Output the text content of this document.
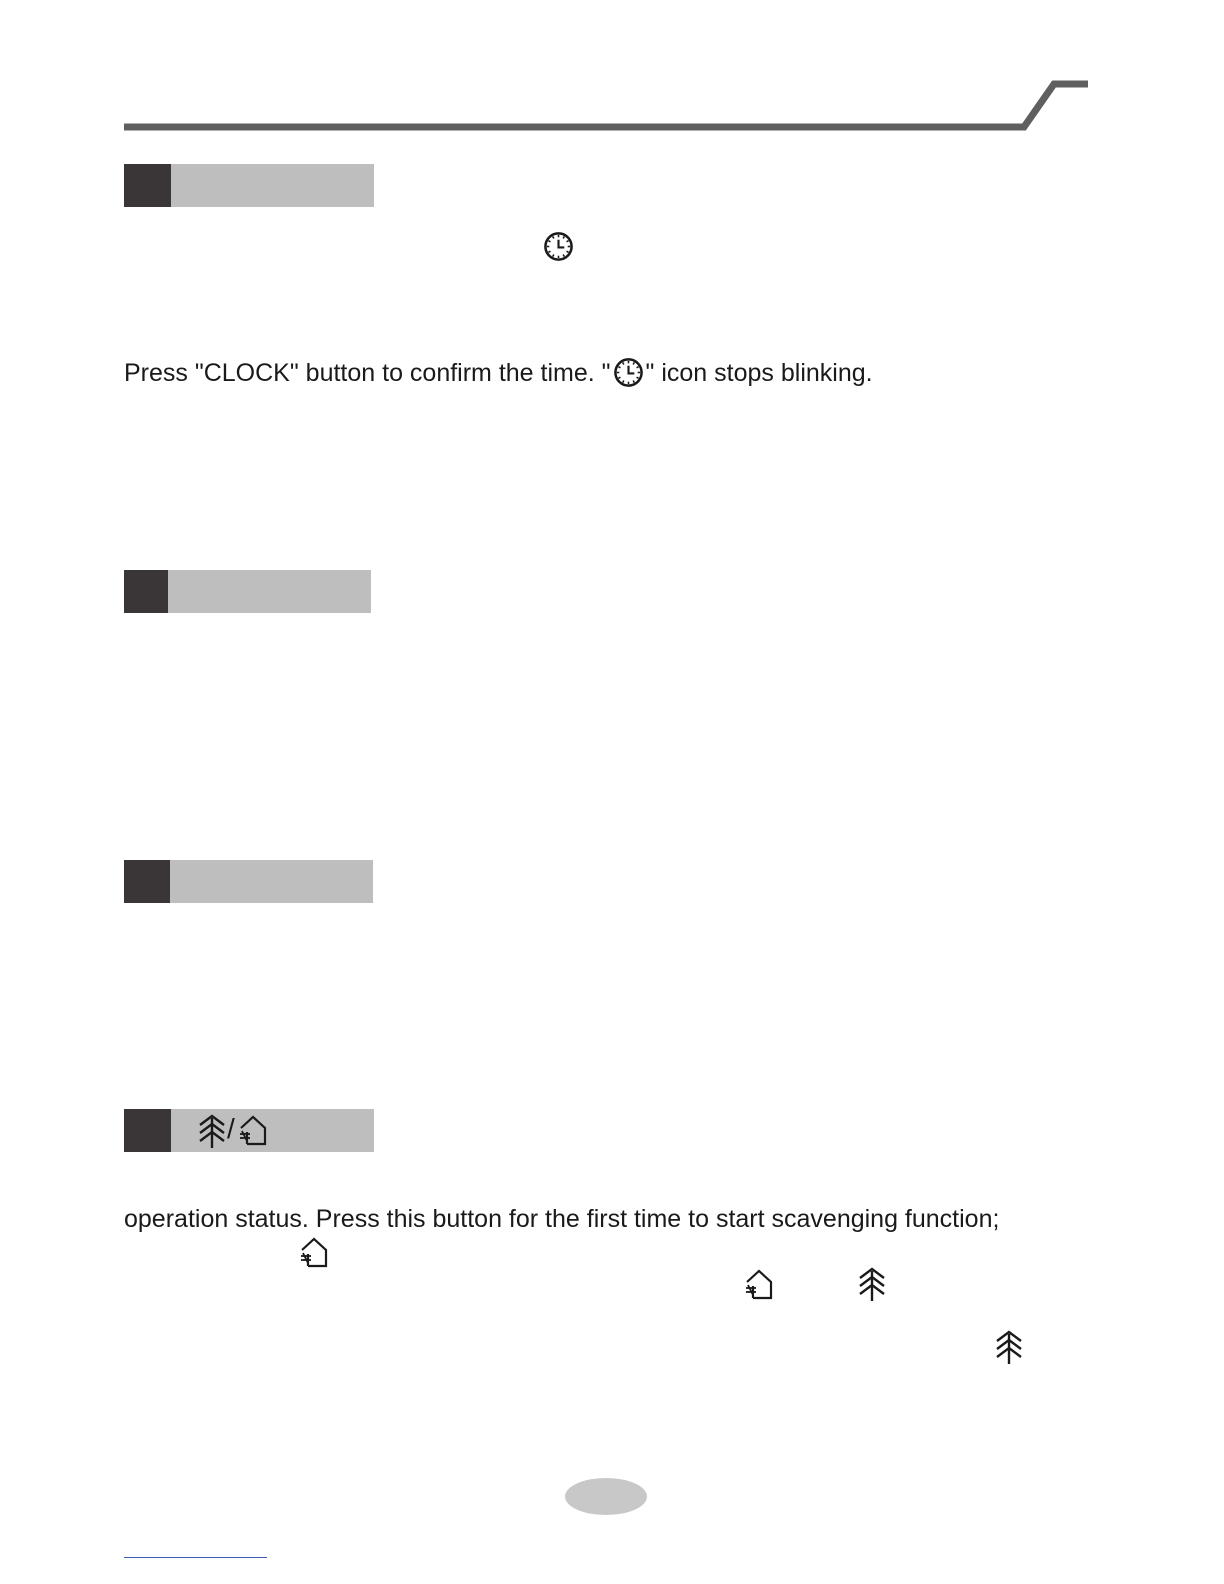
Press "CLOCK" button to confirm the time. " " icon stops blinking.
/
operation status. Press this button for the first time to start scavenging function;
